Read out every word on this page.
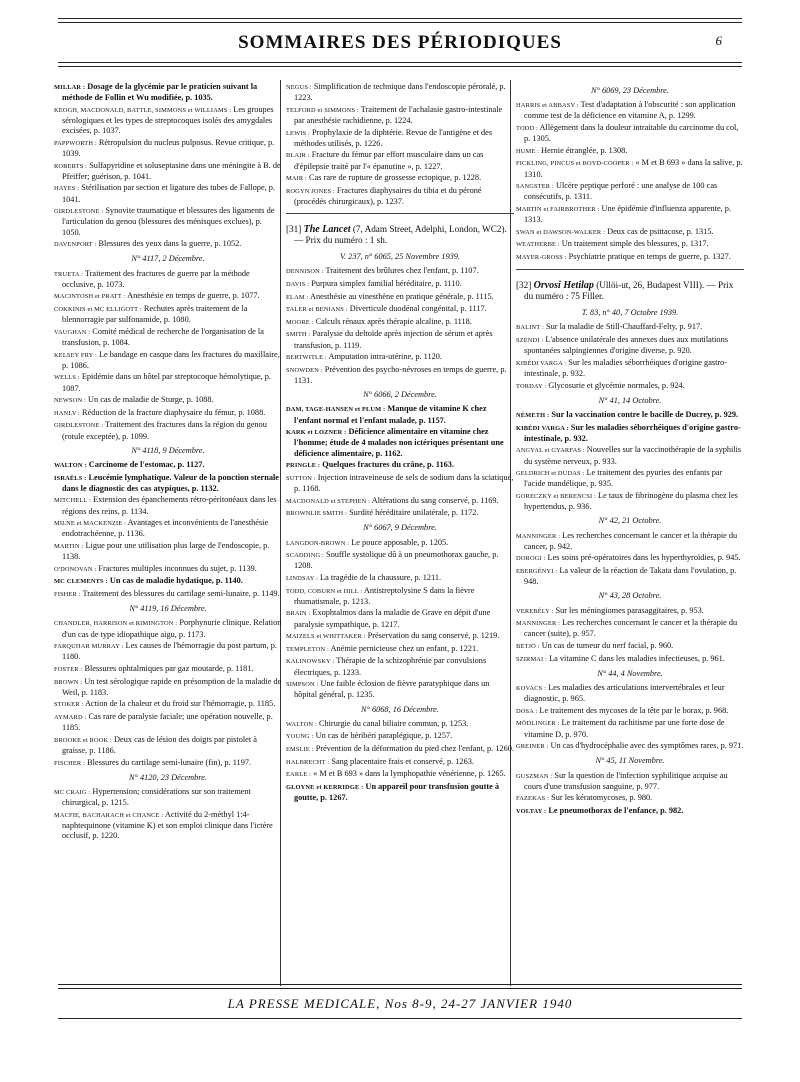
SOMMAIRES DES PÉRIODIQUES	6
MILLAR : Dosage de la glycémie par le praticien suivant la méthode de Follin et Wu modifiée, p. 1035.
KEOGH, MACDONALD, BATTLE, SIMMONS et WILLIAMS : Les groupes sérologiques et les types de streptocoques isolés des amygdales excisées, p. 1037.
PAPPWORTH : Rétropulsion du nucleus pulposus. Revue critique, p. 1039.
ROBERTS : Sulfapyridine et soluseptasine dans une méningite à B. de Pfeiffer; guérison, p. 1041.
HAYES : Stérilisation par section et ligature des tubes de Fallope, p. 1041.
GIRDLESTONE : Synovite traumatique et blessures des ligaments de l'articulation du genou (blessures des ménisques exclues), p. 1050.
DAVENPORT : Blessures des yeux dans la guerre, p. 1052.
N° 4117, 2 Décembre.
TRUETA : Traitement des fractures de guerre par la méthode occlusive, p. 1073.
MACINTOSH et PRATT : Anesthésie en temps de guerre, p. 1077.
COKKINIS et MC ELLIGOTT : Rechutes après traitement de la blennorragie par sulfonamide, p. 1080.
VAUGHAN : Comité médical de recherche de l'organisation de la transfusion, p. 1084.
KELSEY FRY : Le bandage en casque dans les fractures du maxillaire, p. 1086.
WELLS : Epidémie dans un hôtel par streptocoque hémolytique, p. 1087.
NEWSON : Un cas de maladie de Sturge, p. 1088.
HANLY : Réduction de la fracture diaphysaire du fémur, p. 1088.
GIRDLESTONE : Traitement des fractures dans la région du genou (rotule exceptée), p. 1099.
N° 4118, 9 Décembre.
WALTON : Carcinome de l'estomac, p. 1127.
ISRAËLS : Leucémie lymphatique. Valeur de la ponction sternale dans le diagnostic des cas atypiques, p. 1132.
MITCHELL : Extension des épanchements rétro-péritonéaux dans les régions des reins, p. 1134.
MILNE et MACKENZIE : Avantages et inconvénients de l'anesthésie endotrachéenne, p. 1136.
MARTIN : Ligue pour une utilisation plus large de l'endoscopie, p. 1138.
O'DONOVAN : Fractures multiples inconnues du sujet, p. 1139.
MC CLEMENTS : Un cas de maladie hydatique, p. 1140.
FISHER : Traitement des blessures du cartilage semi-lunaire, p. 1149.
N° 4119, 16 Décembre.
CHANDLER, HARRISON et RIMINGTON : Porphynurie clinique. Relation d'un cas de type idiopathique aigu, p. 1173.
FARQUHAR MURRAY : Les causes de l'hémorragie du post partum, p. 1180.
FOSTER : Blessures ophtalmiques par gaz moutarde, p. 1181.
BROWN : Un test sérologique rapide en présomption de la maladie de Weil, p. 1183.
STOKER : Action de la chaleur et du froid sur l'hémorragie, p. 1185.
AYMARD : Cas rare de paralysie faciale; une opération nouvelle, p. 1185.
BROOKE et ROOK : Deux cas de lésion des doigts par pistolet à graisse, p. 1186.
FISCHER : Blessures du cartilage semi-lunaire (fin), p. 1197.
N° 4120, 23 Décembre.
MC CRAIG : Hypertension; considérations sur son traitement chirurgical, p. 1215.
MACFIE, BACHARACH et CHANCE : Activité du 2-méthyl 1:4-naphtequinone (vitamine K) et son emploi clinique dans l'ictère occlusif, p. 1220.
NEGUS : Simplification de technique dans l'endoscopie péroralé, p. 1223.
TELFORD et SIMMONS : Traitement de l'achalasie gastro-intestinale par anesthésie rachidienne, p. 1224.
LEWIS : Prophylaxie de la diphtérie. Revue de l'antigène et des méthodes utilisés, p. 1226.
BLAIR : Fracture du fémur par effort musculaire dans un cas d'épilepsie traité par l'« épanutine », p. 1227.
MAIR : Cas rare de rupture de grossesse ectopique, p. 1228.
ROGYN JONES : Fractures diaphysaires du tibia et du péroné (procédés chirurgicaux), p. 1237.
[31] The Lancet (7, Adam Street, Adelphi, London, WC2). — Prix du numéro : 1 sh.
V. 237, n° 6065, 25 Novembre 1939.
DENNISON : Traitement des brûlures chez l'enfant, p. 1107.
DAVIS : Purpura simplex familial héréditaire, p. 1110.
ELAM : Anesthésie au vinesthène en pratique générale, p. 1115.
TALER et BENIANS : Diverticule duodénal congénital, p. 1117.
MOORE : Calculs rénaux après thérapie alcaline, p. 1118.
SMITH : Paralysie du deltoïde après injection de sérum et après transfusion, p. 1119.
BERTWITLE : Amputation intra-utérine, p. 1120.
SNOWDEN : Prévention des psycho-névroses en temps de guerre, p. 1131.
N° 6066, 2 Décembre.
DAM, TAGE-HANSEN et PLUM : Manque de vitamine K chez l'enfant normal et l'enfant malade, p. 1157.
KARK et LOZNER : Déficience alimentaire en vitamine chez l'homme; étude de 4 malades non ictériques présentant une déficience alimentaire, p. 1162.
PRINGLE : Quelques fractures du crâne, p. 1163.
SUTTON : Injection intraveineuse de sels de sodium dans la sciatique, p. 1168.
MACDONALD et STEPHEN : Altérations du sang conservé, p. 1169.
BROWNLIE SMITH : Surdité héréditaire unilatérale, p. 1172.
N° 6067, 9 Décembre.
LANGDON-BROWN : Le pouce apposable, p. 1205.
SCADDING : Souffle systolique dû à un pneumothorax gauche, p. 1208.
LINDSAY : La tragédie de la chaussure, p. 1211.
TODD, COBURN et HILL : Antistreptolysine S dans la fièvre rhumatismale, p. 1213.
BRAIN : Exophtalmos dans la maladie de Grave en dépit d'une paralysie sympathique, p. 1217.
MAIZELS et WHITTAKER : Préservation du sang conservé, p. 1219.
TEMPLETON : Anémie pernicieuse chez un enfant, p. 1221.
KALINOWSKY : Thérapie de la schizophrénie par convulsions électriques, p. 1233.
SIMPSON : Une faible éclosion de fièvre paratyphique dans un hôpital général, p. 1235.
N° 6068, 16 Décembre.
WALTON : Chirurgie du canal biliaire commun, p. 1253.
YOUNG : Un cas de béribéri paraplégique, p. 1257.
EMSLIE : Prévention de la déformation du pied chez l'enfant, p. 1260.
HALBRECHT : Sang placentaire frais et conservé, p. 1263.
EARLE : « M et B 693 » dans la lymphopathie vénérienne, p. 1265.
GLOYNE et KERRIDGE : Un appareil pour transfusion goutte à goutte, p. 1267.
N° 6069, 23 Décembre.
HARRIS et ABBASY : Test d'adaptation à l'obscurité : son application comme test de la déficience en vitamine A, p. 1299.
TODD : Allègement dans la douleur intraitable du carcinome du col, p. 1305.
HUME : Hernie étranglée, p. 1308.
FICKLING, PINCUS et BOYD-COOPER : « M et B 693 » dans la salive, p. 1310.
SANGSTER : Ulcère peptique perforé : une analyse de 100 cas consécutifs, p. 1311.
MARTIN et FAIRBROTHER : Une épidémie d'influenza apparente, p. 1313.
SWAN et DAWSON-WALKER : Deux cas de psittacose, p. 1315.
WEATHERBE : Un traitement simple des blessures, p. 1317.
MAYER-GROSS : Psychiatrie pratique en temps de guerre, p. 1327.
[32] Orvosi Hetilap (Ullöi-ut, 26, Budapest VIII). — Prix du numéro : 75 Filler.
T. 83, n° 40, 7 Octobre 1939.
BALINT : Sur la maladie de Still-Chauffard-Felty, p. 917.
SZENDI : L'absence unilatérale des annexes dues aux mutilations spontanées salpingiennes d'origine diverse, p. 920.
KIBÉDI VARGA : Sur les maladies séborrhéiques d'origine gastro-intestinale, p. 932.
TORDAY : Glycosurie et glycémie normales, p. 924.
N° 41, 14 Octobre.
NÉMETH : Sur la vaccination contre le bacille de Ducrey, p. 929.
KIBÉDI VARGA : Sur les maladies séborrhéiques d'origine gastro-intestinale, p. 932.
ANGYAL et GYARFAS : Nouvelles sur la vaccinothérapie de la syphilis du système nerveux, p. 933.
GELDRICH et DUDAS : Le traitement des pyuries des enfants par l'acide mandélique, p. 935.
GORECZKY et BERENCSI : Le taux de fibrinogène du plasma chez les hypertendus, p. 936.
N° 42, 21 Octobre.
MANNINGER : Les recherches concernant le cancer et la thérapie du cancer, p. 942.
DOROGI : Les soins pré-opératoires dans les hyperthyroïdies, p. 945.
EBERGÉNYI : La valeur de la réaction de Takata dans l'ovulation, p. 948.
N° 43, 28 Octobre.
VEREBÉLY : Sur les méningiomes parasaggitaires, p. 953.
MANNINGER : Les recherches concernant le cancer et la thérapie du cancer (suite), p. 957.
BETJÖ : Un cas de tumeur du nerf facial, p. 960.
SZIRMAI : La vitamine C dans les maladies infectieuses, p. 961.
N° 44, 4 Novembre.
KOVACS : Les maladies des articulations intervertébrales et leur diagnostic, p. 965.
DOSA : Le traitement des mycoses de la tête par le borax, p. 968.
MÖDLINGER : Le traitement du rachitisme par une forte dose de vitamine D, p. 970.
GREINER : Un cas d'hydrocéphalie avec des symptômes rares, p. 971.
N° 45, 11 Novembre.
GUSZMAN : Sur la question de l'infection syphilitique acquise au cours d'une transfusion sanguine, p. 977.
FAZEKAS : Sur les kératomycoses, p. 980.
VOLTAY : Le pneumothorax de l'enfance, p. 982.
LA PRESSE MEDICALE, Nos 8-9, 24-27 JANVIER 1940
